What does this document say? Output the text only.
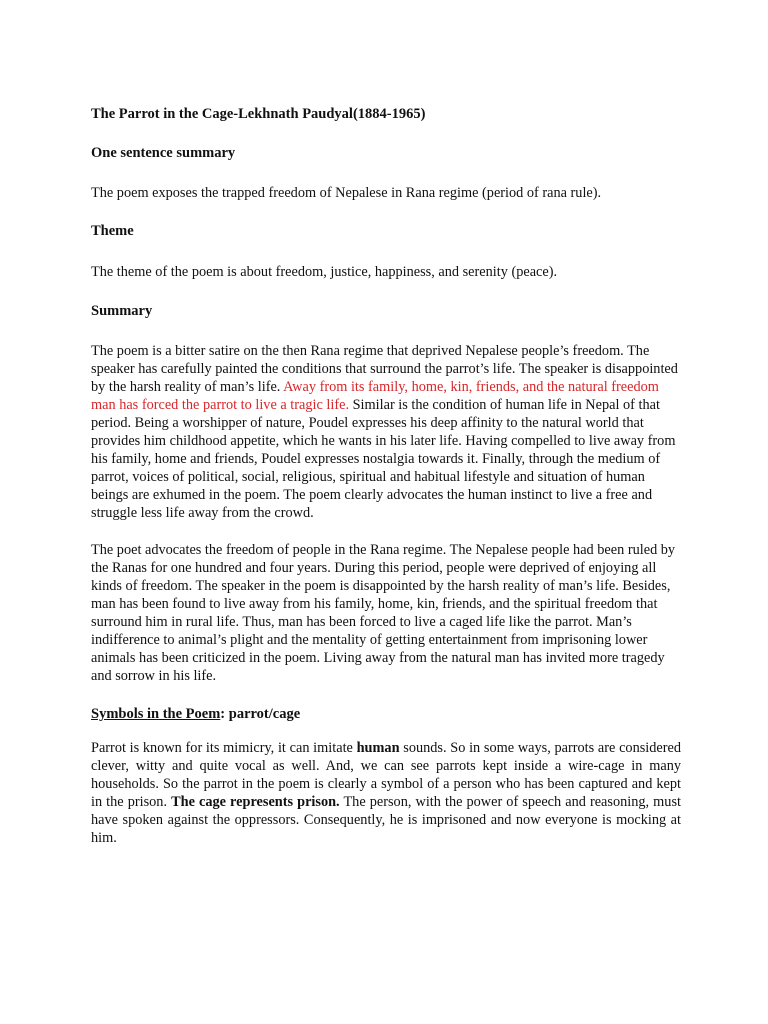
The Parrot in the Cage-Lekhnath Paudyal(1884-1965)
One sentence summary

The poem exposes the trapped freedom of Nepalese in Rana regime (period of rana rule).

Theme

The theme of the poem is about freedom, justice, happiness, and serenity (peace).

Summary

The poem is a bitter satire on the then Rana regime that deprived Nepalese people’s freedom. The speaker has carefully painted the conditions that surround the parrot’s life. The speaker is disappointed by the harsh reality of man’s life. Away from its family, home, kin, friends, and the natural freedom man has forced the parrot to live a tragic life. Similar is the condition of human life in Nepal of that period. Being a worshipper of nature, Poudel expresses his deep affinity to the natural world that provides him childhood appetite, which he wants in his later life. Having compelled to live away from his family, home and friends, Poudel expresses nostalgia towards it. Finally, through the medium of parrot, voices of political, social, religious, spiritual and habitual lifestyle and situation of human beings are exhumed in the poem. The poem clearly advocates the human instinct to live a free and struggle less life away from the crowd.

The poet advocates the freedom of people in the Rana regime. The Nepalese people had been ruled by the Ranas for one hundred and four years. During this period, people were deprived of enjoying all kinds of freedom. The speaker in the poem is disappointed by the harsh reality of man’s life. Besides, man has been found to live away from his family, home, kin, friends, and the spiritual freedom that surround him in rural life. Thus, man has been forced to live a caged life like the parrot. Man’s indifference to animal’s plight and the mentality of getting entertainment from imprisoning lower animals has been criticized in the poem. Living away from the natural man has invited more tragedy and sorrow in his life.

Symbols in the Poem: parrot/cage

Parrot is known for its mimicry, it can imitate human sounds. So in some ways, parrots are considered clever, witty and quite vocal as well. And, we can see parrots kept inside a wire-cage in many households. So the parrot in the poem is clearly a symbol of a person who has been captured and kept in the prison. The cage represents prison. The person, with the power of speech and reasoning, must have spoken against the oppressors. Consequently, he is imprisoned and now everyone is mocking at him.
